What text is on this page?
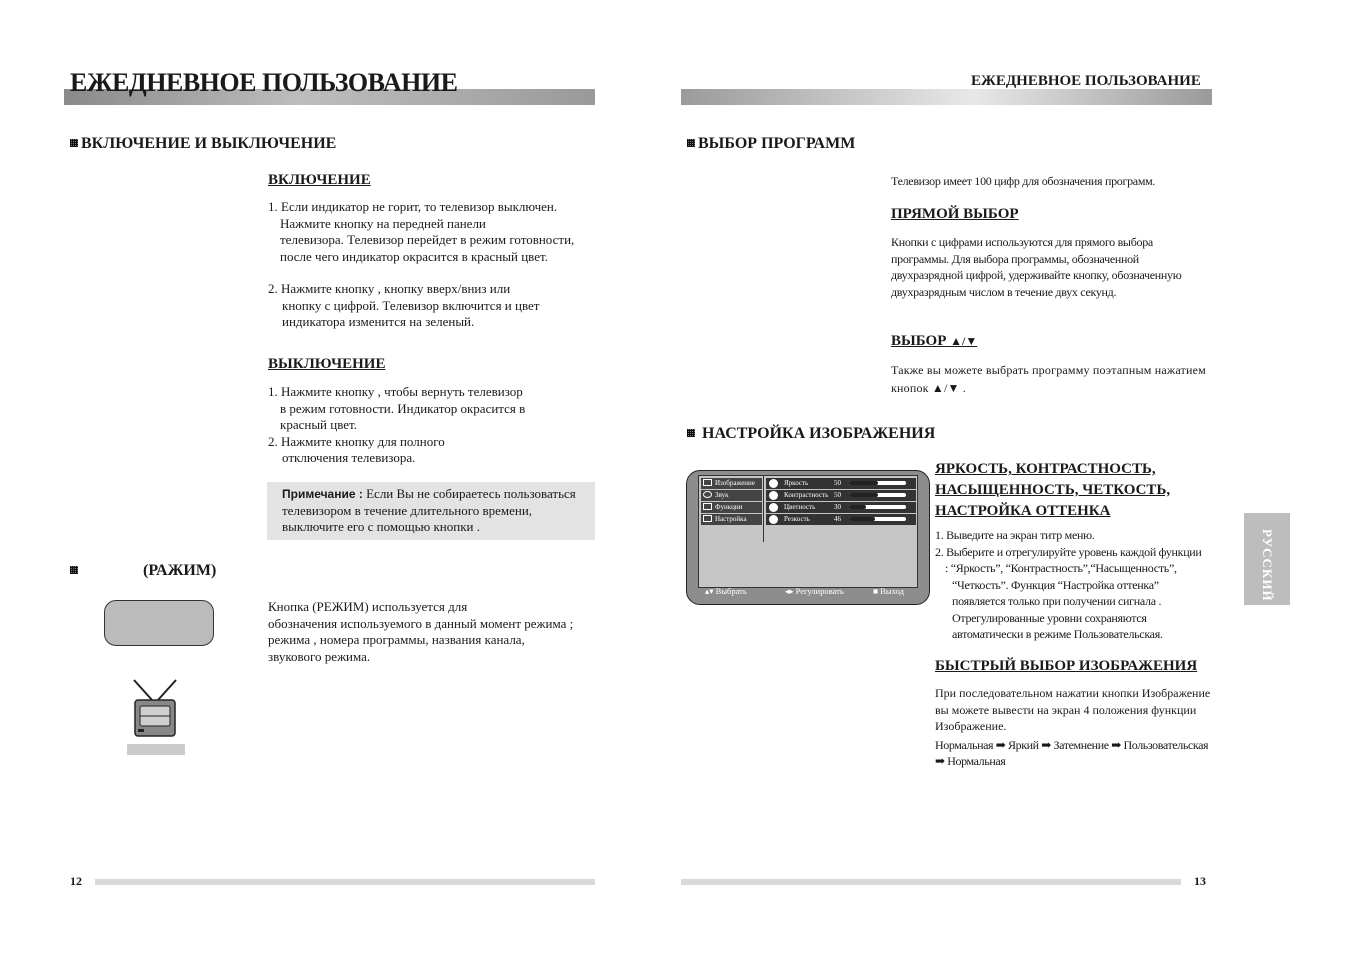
ЕЖЕДНЕВНОЕ ПОЛЬЗОВАНИЕ
ВКЛЮЧЕНИЕ И ВЫКЛЮЧЕНИЕ
ВКЛЮЧЕНИЕ
1. Если индикатор не горит, то телевизор выключен.
Нажмите кнопку на передней панели
телевизора. Телевизор перейдет в режим готовности,
после чего индикатор окрасится в красный цвет.
2. Нажмите кнопку , кнопку вверх/вниз или
кнопку с цифрой. Телевизор включится и цвет
индикатора изменится на зеленый.
ВЫКЛЮЧЕНИЕ
1. Нажмите кнопку , чтобы вернуть телевизор
в режим готовности. Индикатор окрасится в
красный цвет.
2. Нажмите кнопку для полного
отключения телевизора.
Примечание : Если Вы не собираетесь пользоваться
телевизором в течение длительного времени,
выключите его с помощью кнопки .
(РАЖИМ)
Кнопка (РЕЖИМ) используется для
обозначения используемого в данный момент режима ;
режима , номера программы, названия канала,
звукового режима.
12
ЕЖЕДНЕВНОЕ ПОЛЬЗОВАНИЕ
ВЫБОР ПРОГРАММ
Телевизор имеет 100 цифр для обозначения программ.
ПРЯМОЙ ВЫБОР
Кнопки с цифрами используются для прямого выбора
программы. Для выбора программы, обозначенной
двухразрядной цифрой, удерживайте кнопку, обозначенную
двухразрядным числом в течение двух секунд.
ВЫБОР ▲/▼
Также вы можете выбрать программу поэтапным нажатием
кнопок ▲/▼ .
НАСТРОЙКА ИЗОБРАЖЕНИЯ
Изображение
Звук
Функции
Настройка
Яркость	50
Контрастность 50
Цветность	30
Резкость	46
▴▾ Выбрать	◂▸ Регулировать	■ Выход
ЯРКОСТЬ, КОНТРАСТНОСТЬ,
НАСЫЩЕННОСТЬ, ЧЕТКОСТЬ,
НАСТРОЙКА ОТТЕНКА
1. Выведите на экран титр меню.
2. Выберите и отрегулируйте уровень каждой функции
: “Яркость”, “Контрастность”,“Насыщенность”,
“Четкость”. Функция “Настройка оттенка”
появляется только при получении сигнала .
Отрегулированные уровни сохраняются
автоматически в режиме Пользовательская.
БЫСТРЫЙ ВЫБОР ИЗОБРАЖЕНИЯ
При последовательном нажатии кнопки Изображение
вы можете вывести на экран 4 положения функции
Изображение.
Нормальная ➡ Яркий ➡ Затемнение ➡ Пользовательская
➡ Нормальная
РУССКИЙ
13
